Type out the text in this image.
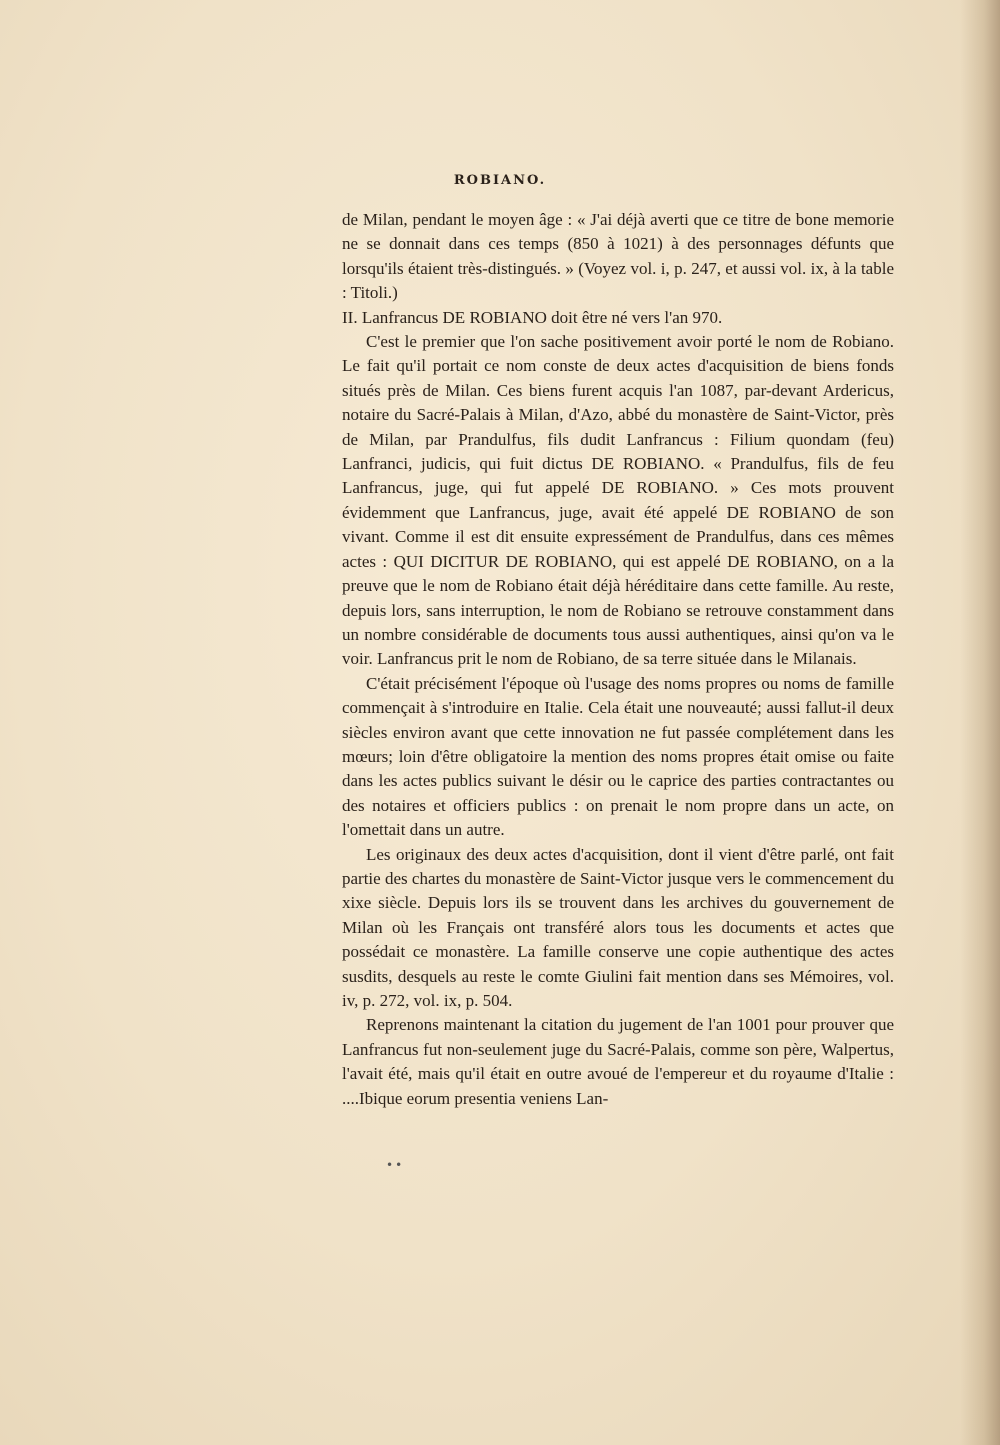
ROBIANO.

de Milan, pendant le moyen âge : « J'ai déjà averti que ce titre de bone memorie ne se donnait dans ces temps (850 à 1021) à des personnages défunts que lorsqu'ils étaient très-distingués. » (Voyez vol. i, p. 247, et aussi vol. ix, à la table : Titoli.)

II. Lanfrancus DE ROBIANO doit être né vers l'an 970.

C'est le premier que l'on sache positivement avoir porté le nom de Robiano. Le fait qu'il portait ce nom conste de deux actes d'acquisition de biens fonds situés près de Milan. Ces biens furent acquis l'an 1087, par-devant Ardericus, notaire du Sacré-Palais à Milan, d'Azo, abbé du monastère de Saint-Victor, près de Milan, par Prandulfus, fils dudit Lanfrancus : Filium quondam (feu) Lanfranci, judicis, qui fuit dictus DE ROBIANO. « Prandulfus, fils de feu Lanfrancus, juge, qui fut appelé DE ROBIANO. » Ces mots prouvent évidemment que Lanfrancus, juge, avait été appelé DE ROBIANO de son vivant. Comme il est dit ensuite expressément de Prandulfus, dans ces mêmes actes : QUI DICITUR DE ROBIANO, qui est appelé DE ROBIANO, on a la preuve que le nom de Robiano était déjà héréditaire dans cette famille. Au reste, depuis lors, sans interruption, le nom de Robiano se retrouve constamment dans un nombre considérable de documents tous aussi authentiques, ainsi qu'on va le voir. Lanfrancus prit le nom de Robiano, de sa terre située dans le Milanais.

C'était précisément l'époque où l'usage des noms propres ou noms de famille commençait à s'introduire en Italie. Cela était une nouveauté; aussi fallut-il deux siècles environ avant que cette innovation ne fut passée complétement dans les mœurs; loin d'être obligatoire la mention des noms propres était omise ou faite dans les actes publics suivant le désir ou le caprice des parties contractantes ou des notaires et officiers publics : on prenait le nom propre dans un acte, on l'omettait dans un autre.

Les originaux des deux actes d'acquisition, dont il vient d'être parlé, ont fait partie des chartes du monastère de Saint-Victor jusque vers le commencement du xixe siècle. Depuis lors ils se trouvent dans les archives du gouvernement de Milan où les Français ont transféré alors tous les documents et actes que possédait ce monastère. La famille conserve une copie authentique des actes susdits, desquels au reste le comte Giulini fait mention dans ses Mémoires, vol. iv, p. 272, vol. ix, p. 504.

Reprenons maintenant la citation du jugement de l'an 1001 pour prouver que Lanfrancus fut non-seulement juge du Sacré-Palais, comme son père, Walpertus, l'avait été, mais qu'il était en outre avoué de l'empereur et du royaume d'Italie : ....Ibique eorum presentia veniens Lan-

••
